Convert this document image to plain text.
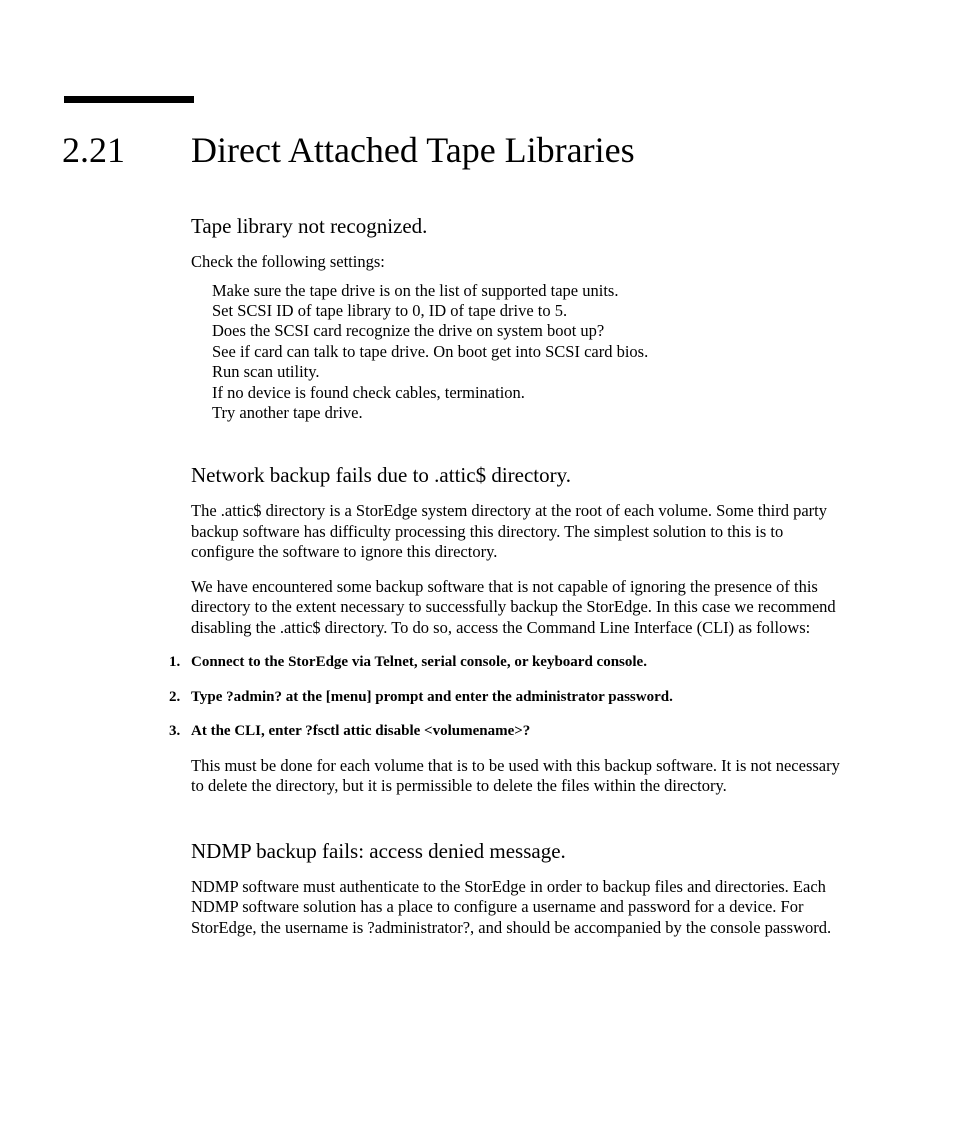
2.21 Direct Attached Tape Libraries
Tape library not recognized.

Check the following settings:

Make sure the tape drive is on the list of supported tape units.
Set SCSI ID of tape library to 0, ID of tape drive to 5.
Does the SCSI card recognize the drive on system boot up?
See if card can talk to tape drive. On boot get into SCSI card bios.
Run scan utility.
If no device is found check cables, termination.
Try another tape drive.
Network backup fails due to .attic$ directory.

The .attic$ directory is a StorEdge system directory at the root of each volume. Some third party backup software has difficulty processing this directory. The simplest solution to this is to configure the software to ignore this directory.

We have encountered some backup software that is not capable of ignoring the presence of this directory to the extent necessary to successfully backup the StorEdge. In this case we recommend disabling the .attic$ directory. To do so, access the Command Line Interface (CLI) as follows:

1. Connect to the StorEdge via Telnet, serial console, or keyboard console.
2. Type ?admin? at the [menu] prompt and enter the administrator password.
3. At the CLI, enter ?fsctl attic disable <volumename>?

This must be done for each volume that is to be used with this backup software. It is not necessary to delete the directory, but it is permissible to delete the files within the directory.

NDMP backup fails: access denied message.

NDMP software must authenticate to the StorEdge in order to backup files and directories. Each NDMP software solution has a place to configure a username and password for a device. For StorEdge, the username is ?administrator?, and should be accompanied by the console password.
